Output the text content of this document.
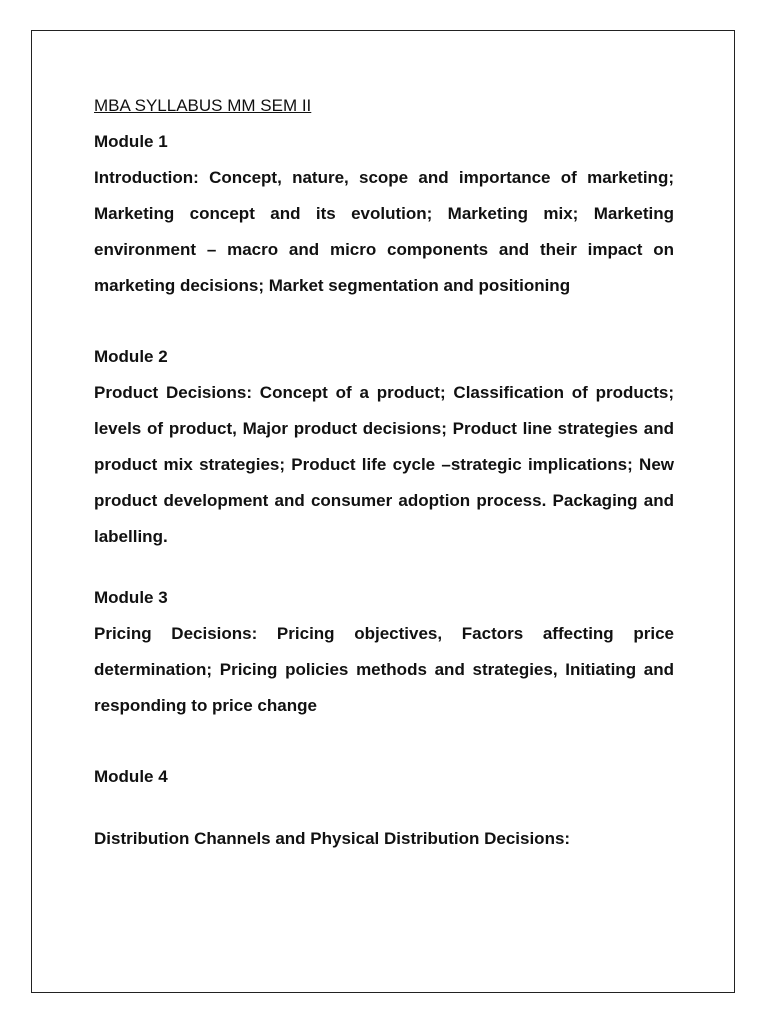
MBA SYLLABUS MM SEM II

Module 1

Introduction: Concept, nature, scope and importance of marketing; Marketing concept and its evolution; Marketing mix; Marketing environment – macro and micro components and their impact on marketing decisions; Market segmentation and positioning

Module 2

Product Decisions: Concept of a product; Classification of products; levels of product, Major product decisions; Product line strategies and product mix strategies; Product life cycle –strategic implications; New product development and consumer adoption process. Packaging and labelling.

Module 3

Pricing Decisions: Pricing objectives, Factors affecting price determination; Pricing policies methods and strategies, Initiating and responding to price change

Module 4

Distribution Channels and Physical Distribution Decisions:
